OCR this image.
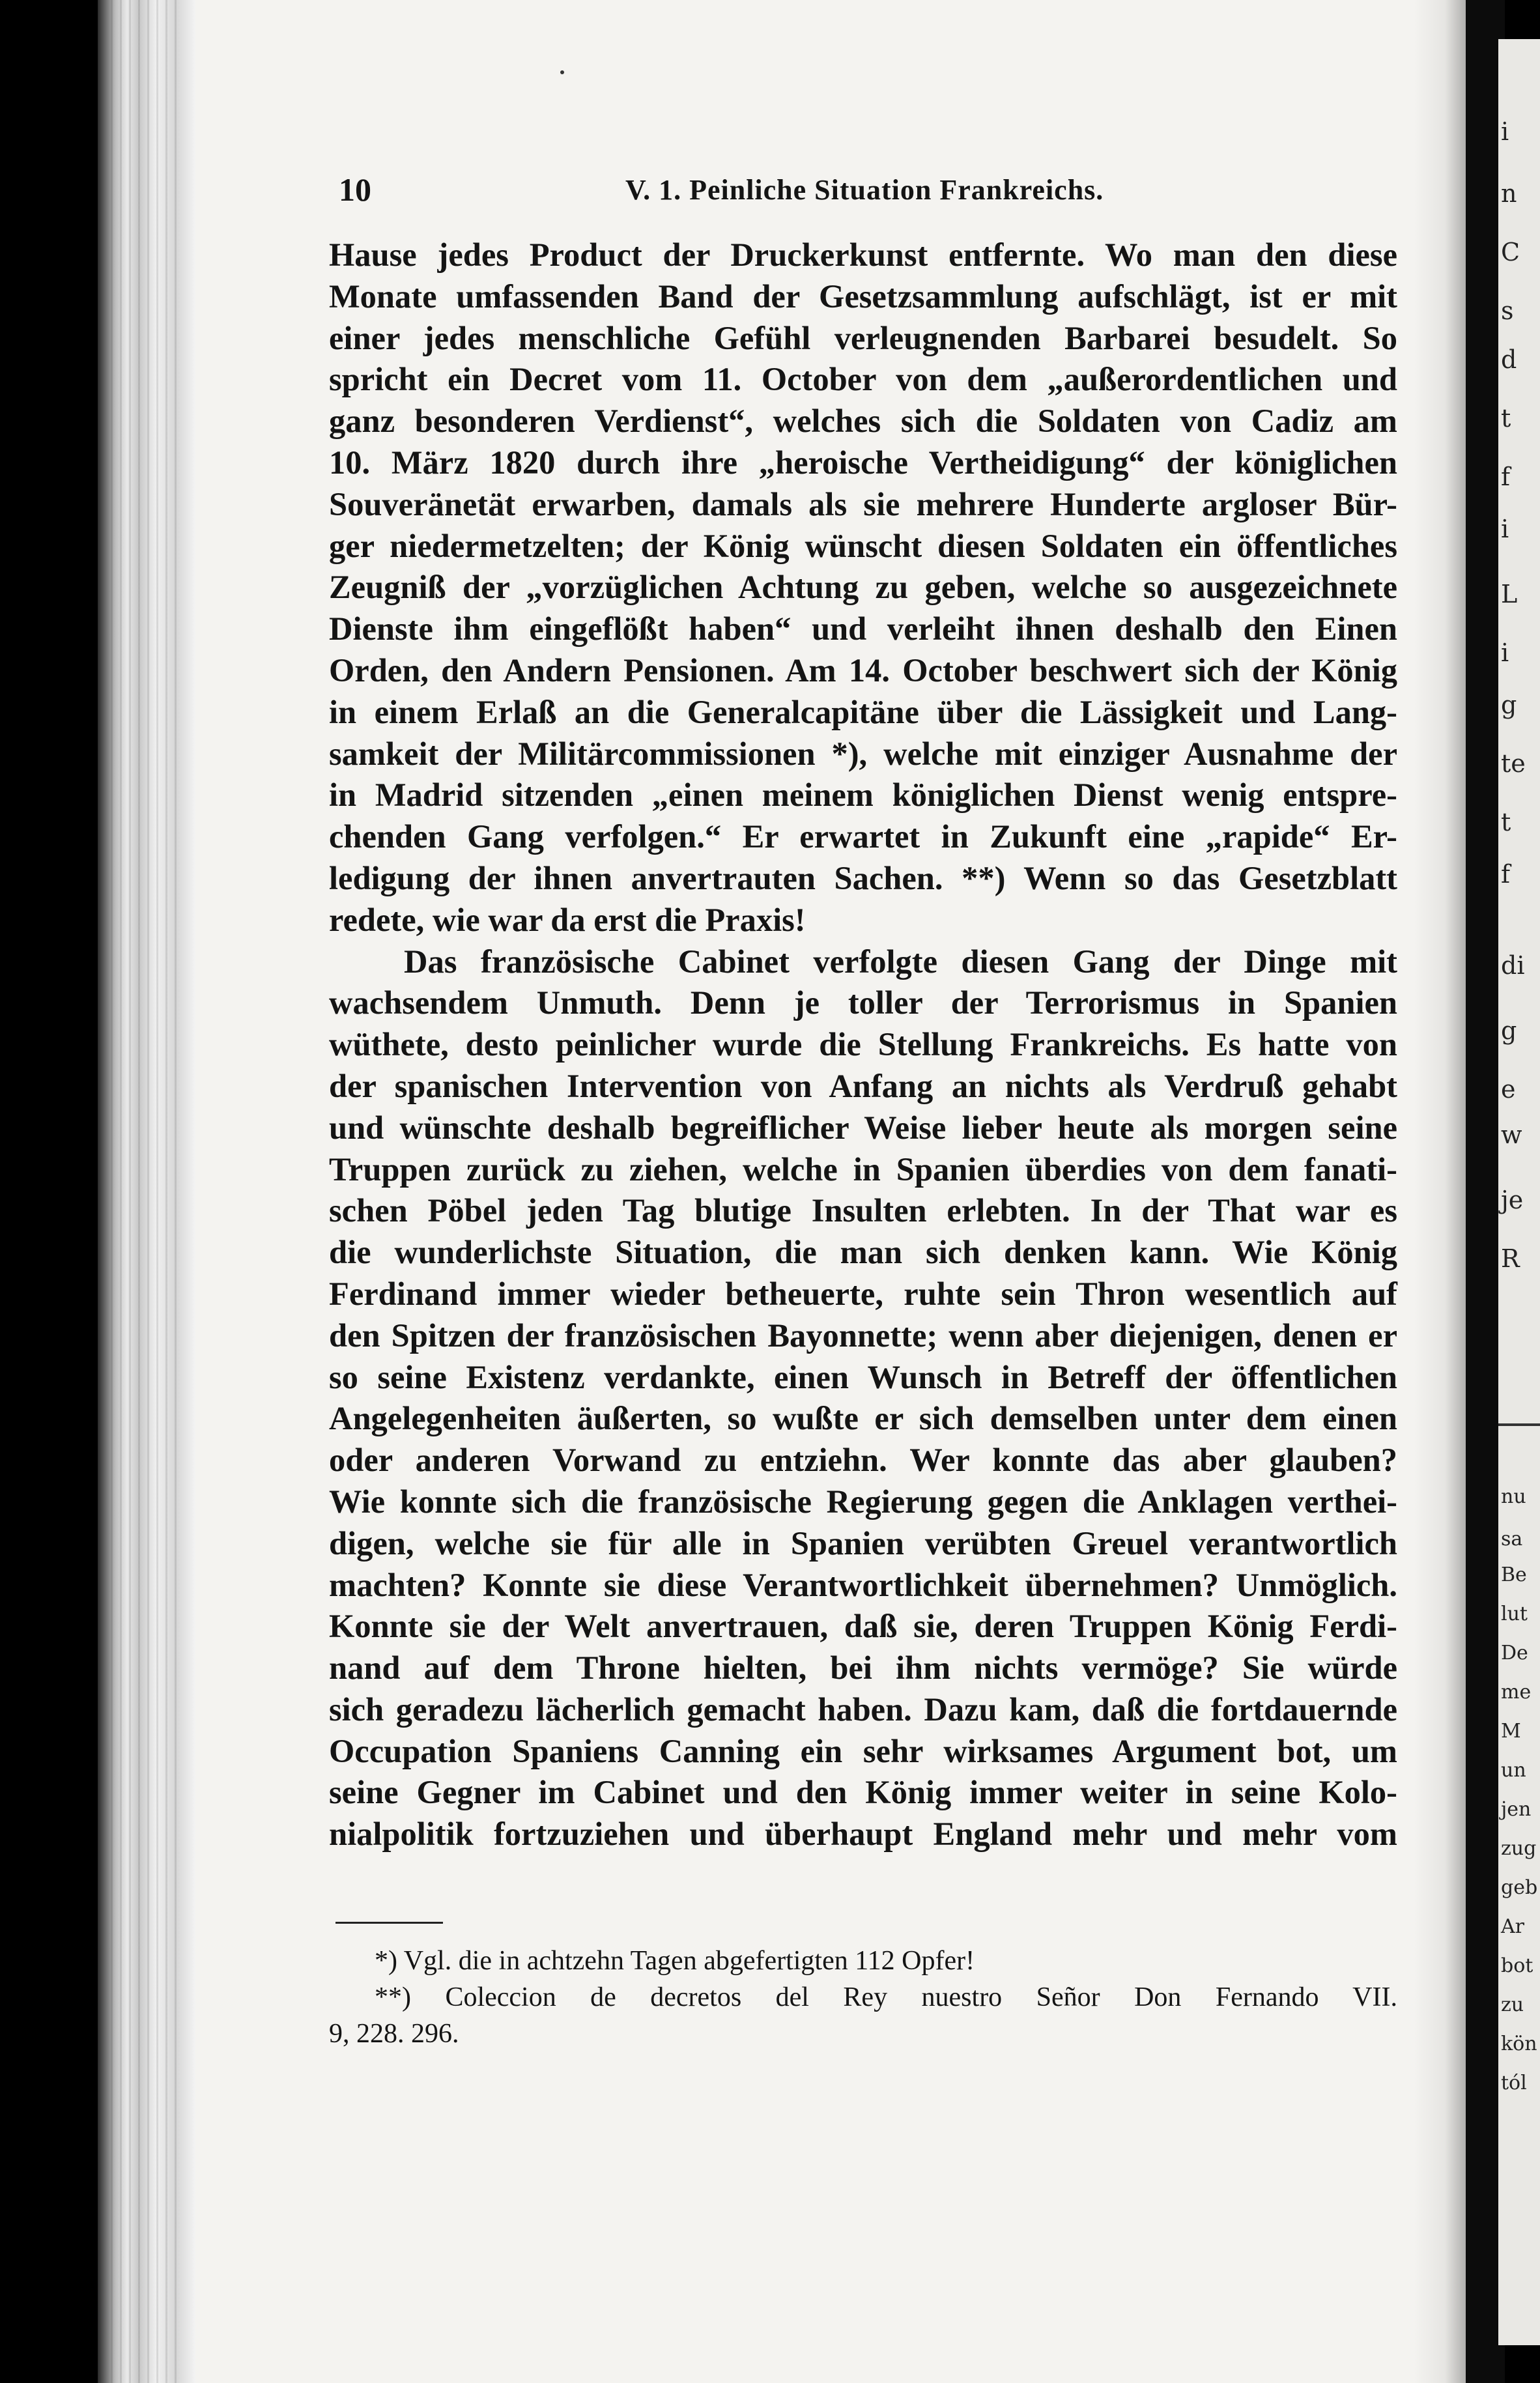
i
n
C
s
d
t
f
i
L
i
g
te
t
f
di
g
e
w
je
R
nu
sa
Be
lut
De
me
M
un
jen
zug
geb
Ar
bot
zu
kön
tól
10	V. 1. Peinliche Situation Frankreichs.
Hause jedes Product der Druckerkunst entfernte. Wo man den diese
Monate umfassenden Band der Gesetzsammlung aufschlägt, ist er mit
einer jedes menschliche Gefühl verleugnenden Barbarei besudelt. So
spricht ein Decret vom 11. October von dem „außerordentlichen und
ganz besonderen Verdienst“, welches sich die Soldaten von Cadiz am
10. März 1820 durch ihre „heroische Vertheidigung“ der königlichen
Souveränetät erwarben, damals als sie mehrere Hunderte argloser Bür-
ger niedermetzelten; der König wünscht diesen Soldaten ein öffentliches
Zeugniß der „vorzüglichen Achtung zu geben, welche so ausgezeichnete
Dienste ihm eingeflößt haben“ und verleiht ihnen deshalb den Einen
Orden, den Andern Pensionen. Am 14. October beschwert sich der König
in einem Erlaß an die Generalcapitäne über die Lässigkeit und Lang-
samkeit der Militärcommissionen *), welche mit einziger Ausnahme der
in Madrid sitzenden „einen meinem königlichen Dienst wenig entspre-
chenden Gang verfolgen.“ Er erwartet in Zukunft eine „rapide“ Er-
ledigung der ihnen anvertrauten Sachen. **) Wenn so das Gesetzblatt
redete, wie war da erst die Praxis!
Das französische Cabinet verfolgte diesen Gang der Dinge mit
wachsendem Unmuth. Denn je toller der Terrorismus in Spanien
wüthete, desto peinlicher wurde die Stellung Frankreichs. Es hatte von
der spanischen Intervention von Anfang an nichts als Verdruß gehabt
und wünschte deshalb begreiflicher Weise lieber heute als morgen seine
Truppen zurück zu ziehen, welche in Spanien überdies von dem fanati-
schen Pöbel jeden Tag blutige Insulten erlebten. In der That war es
die wunderlichste Situation, die man sich denken kann. Wie König
Ferdinand immer wieder betheuerte, ruhte sein Thron wesentlich auf
den Spitzen der französischen Bayonnette; wenn aber diejenigen, denen er
so seine Existenz verdankte, einen Wunsch in Betreff der öffentlichen
Angelegenheiten äußerten, so wußte er sich demselben unter dem einen
oder anderen Vorwand zu entziehn. Wer konnte das aber glauben?
Wie konnte sich die französische Regierung gegen die Anklagen verthei-
digen, welche sie für alle in Spanien verübten Greuel verantwortlich
machten? Konnte sie diese Verantwortlichkeit übernehmen? Unmöglich.
Konnte sie der Welt anvertrauen, daß sie, deren Truppen König Ferdi-
nand auf dem Throne hielten, bei ihm nichts vermöge? Sie würde
sich geradezu lächerlich gemacht haben. Dazu kam, daß die fortdauernde
Occupation Spaniens Canning ein sehr wirksames Argument bot, um
seine Gegner im Cabinet und den König immer weiter in seine Kolo-
nialpolitik fortzuziehen und überhaupt England mehr und mehr vom
*) Vgl. die in achtzehn Tagen abgefertigten 112 Opfer!
**) Coleccion de decretos del Rey nuestro Señor Don Fernando VII.
9, 228. 296.
